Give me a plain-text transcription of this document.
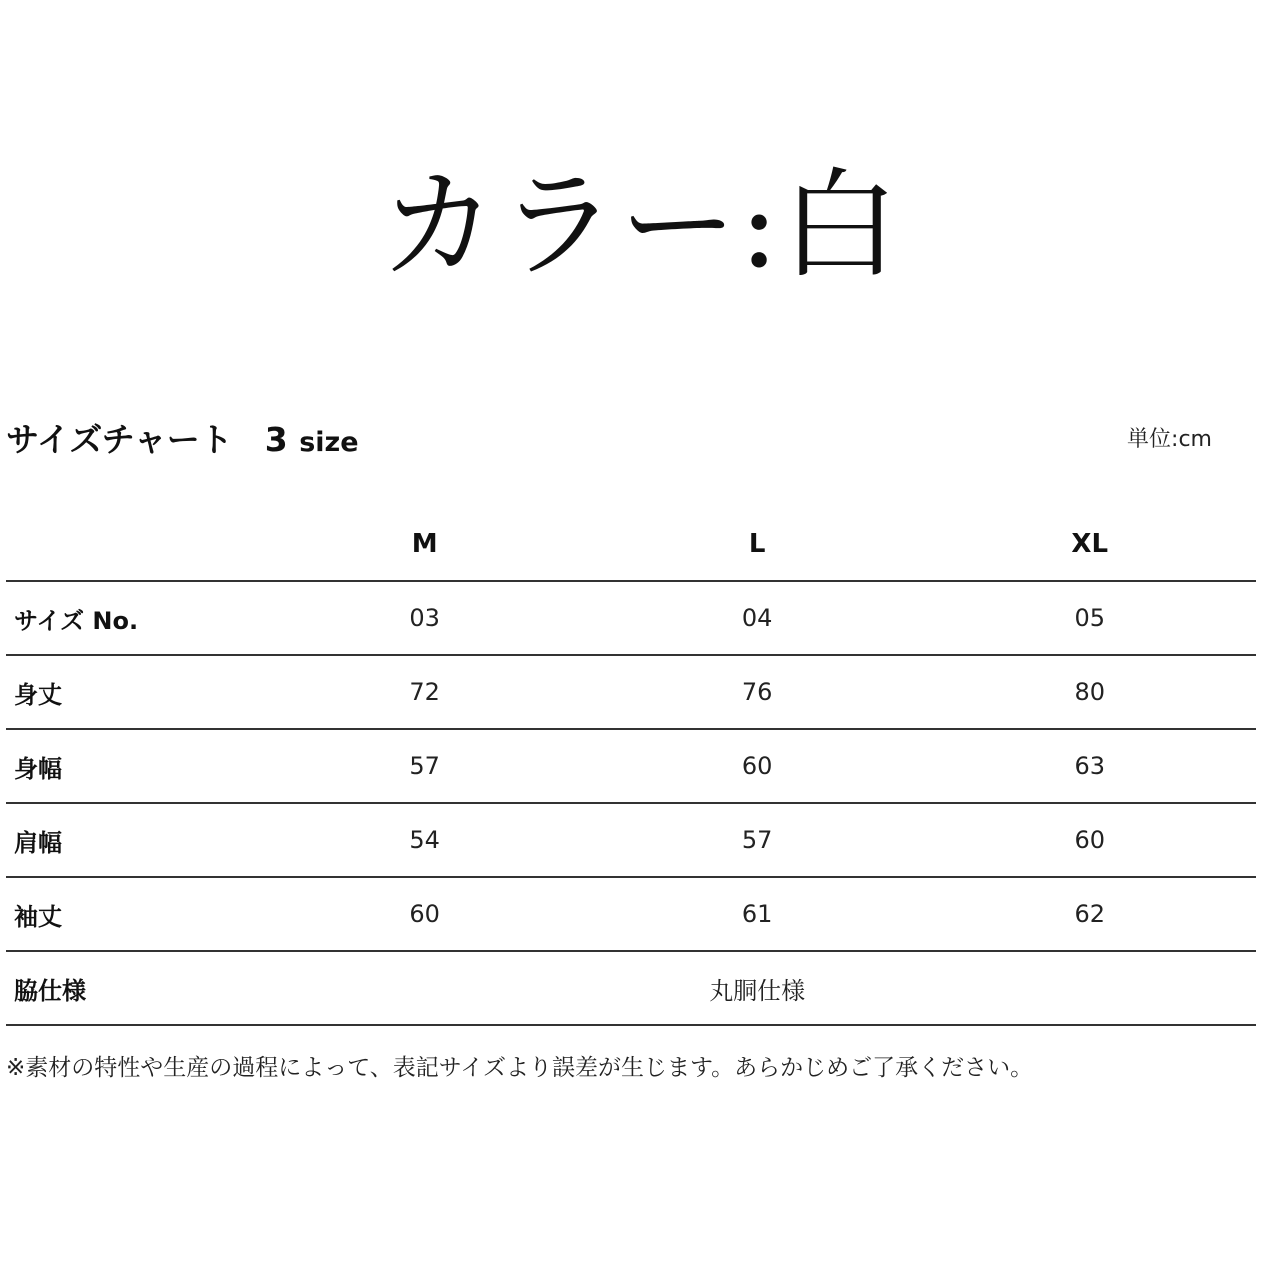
カラー:白
サイズチャート 3 size	単位:cm
	M	L	XL
サイズ No.	03	04	05
身丈	72	76	80
身幅	57	60	63
肩幅	54	57	60
袖丈	60	61	62
脇仕様	丸胴仕様		
※素材の特性や生産の過程によって、表記サイズより誤差が生じます。あらかじめご了承ください。
